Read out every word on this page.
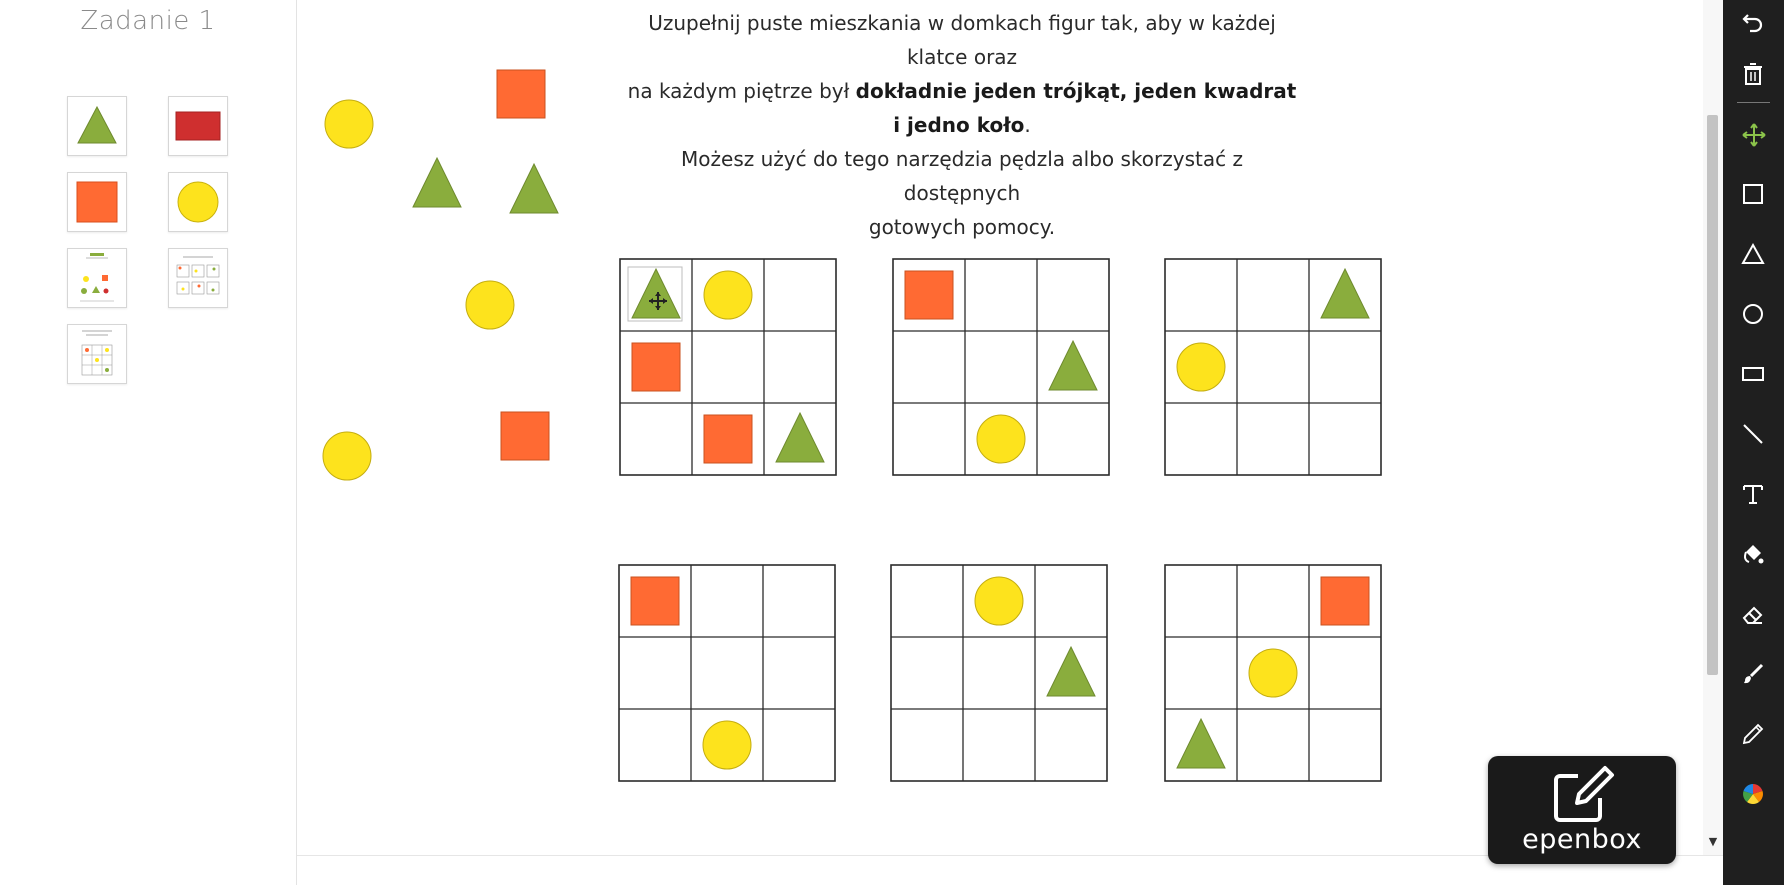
Zadanie 1	Uzupełnij puste mieszkania w domkach figur tak, aby w każdej klatce oraz
na każdym piętrze był dokładnie jeden trójkąt, jeden kwadrat i jedno koło.
Możesz użyć do tego narzędzia pędzla albo skorzystać z dostępnych
gotowych pomocy.
▼
epenbox
